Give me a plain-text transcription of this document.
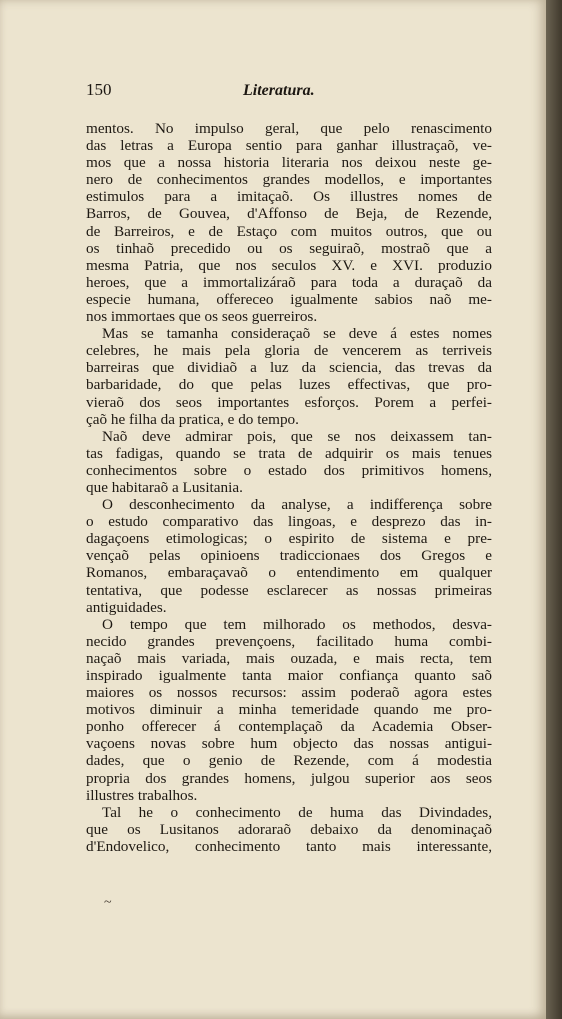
150	Literatura.
mentos. No impulso geral, que pelo renascimento
das letras a Europa sentio para ganhar illustraçaõ, ve-
mos que a nossa historia literaria nos deixou neste ge-
nero de conhecimentos grandes modellos, e importantes
estimulos para a imitaçaõ. Os illustres nomes de
Barros, de Gouvea, d'Affonso de Beja, de Rezende,
de Barreiros, e de Estaço com muitos outros, que ou
os tinhaõ precedido ou os seguiraõ, mostraõ que a
mesma Patria, que nos seculos XV. e XVI. produzio
heroes, que a immortalizáraõ para toda a duraçaõ da
especie humana, offereceo igualmente sabios naõ me-
nos immortaes que os seos guerreiros.
Mas se tamanha consideraçaõ se deve á estes nomes
celebres, he mais pela gloria de vencerem as terriveis
barreiras que dividiaõ a luz da sciencia, das trevas da
barbaridade, do que pelas luzes effectivas, que pro-
vieraõ dos seos importantes esforços. Porem a perfei-
çaõ he filha da pratica, e do tempo.
Naõ deve admirar pois, que se nos deixassem tan-
tas fadigas, quando se trata de adquirir os mais tenues
conhecimentos sobre o estado dos primitivos homens,
que habitaraõ a Lusitania.
O desconhecimento da analyse, a indifferença sobre
o estudo comparativo das lingoas, e desprezo das in-
dagaçoens etimologicas; o espirito de sistema e pre-
vençaõ pelas opinioens tradiccionaes dos Gregos e
Romanos, embaraçavaõ o entendimento em qualquer
tentativa, que podesse esclarecer as nossas primeiras
antiguidades.
O tempo que tem milhorado os methodos, desva-
necido grandes prevençoens, facilitado huma combi-
naçaõ mais variada, mais ouzada, e mais recta, tem
inspirado igualmente tanta maior confiança quanto saõ
maiores os nossos recursos: assim poderaõ agora estes
motivos diminuir a minha temeridade quando me pro-
ponho offerecer á contemplaçaõ da Academia Obser-
vaçoens novas sobre hum objecto das nossas antigui-
dades, que o genio de Rezende, com á modestia
propria dos grandes homens, julgou superior aos seos
illustres trabalhos.
Tal he o conhecimento de huma das Divindades,
que os Lusitanos adoraraõ debaixo da denominaçaõ
d'Endovelico, conhecimento tanto mais interessante,
~
